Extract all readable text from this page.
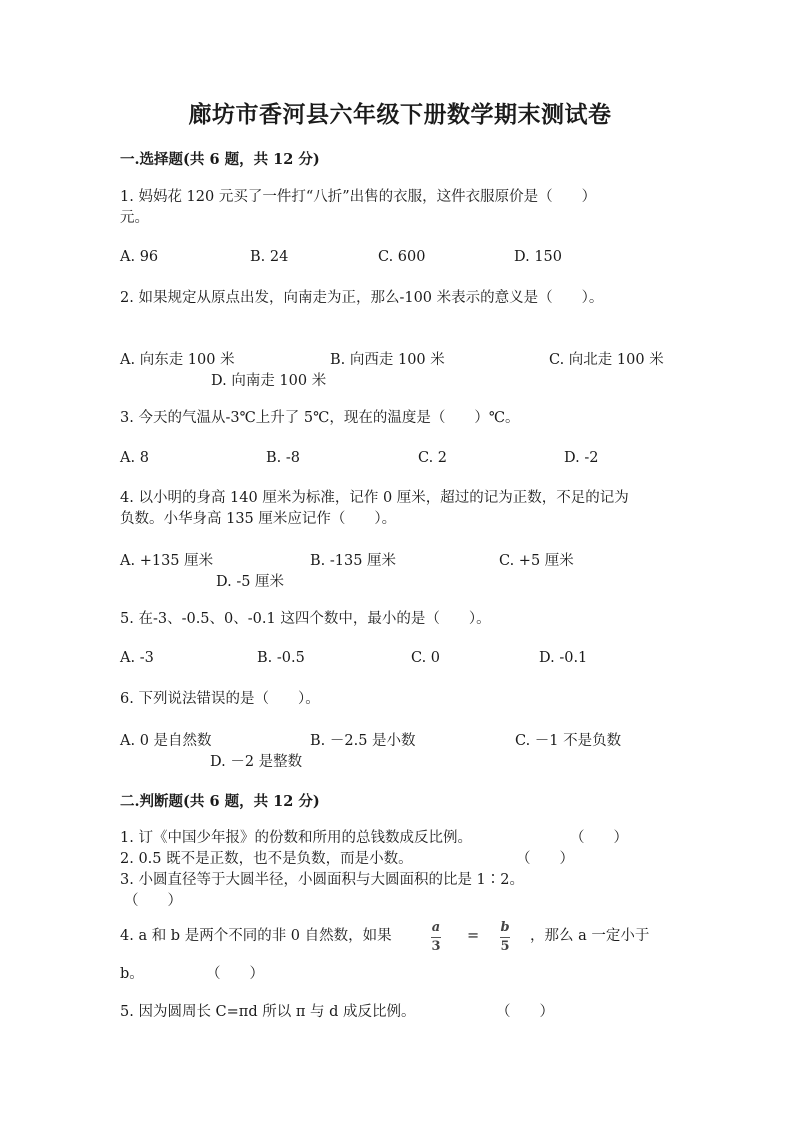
廊坊市香河县六年级下册数学期末测试卷
一.选择题(共 6 题，共 12 分)
1. 妈妈花 120 元买了一件打“八折”出售的衣服，这件衣服原价是（　　）
元。
A. 96	B. 24	C. 600	D. 150
2. 如果规定从原点出发，向南走为正，那么-100 米表示的意义是（　　）。
A. 向东走 100 米	B. 向西走 100 米	C. 向北走 100 米
D. 向南走 100 米
3. 今天的气温从-3℃上升了 5℃，现在的温度是（　　）℃。
A. 8	B. -8	C. 2	D. -2
4. 以小明的身高 140 厘米为标准，记作 0 厘米，超过的记为正数，不足的记为
负数。小华身高 135 厘米应记作（　　）。
A. +135 厘米	B. -135 厘米	C. +5 厘米
D. -5 厘米
5. 在-3、-0.5、0、-0.1 这四个数中，最小的是（　　）。
A. -3	B. -0.5	C. 0	D. -0.1
6. 下列说法错误的是（　　）。
A. 0 是自然数	B. －2.5 是小数	C. －1 不是负数
D. －2 是整数
二.判断题(共 6 题，共 12 分)
1. 订《中国少年报》的份数和所用的总钱数成反比例。	（　　）
2. 0.5 既不是正数，也不是负数，而是小数。	（　　）
3. 小圆直径等于大圆半径，小圆面积与大圆面积的比是 1∶2。
（　　）
4. a 和 b 是两个不同的非 0 自然数，如果
a
3
=
b
5
，那么 a 一定小于
b。	（　　）
5. 因为圆周长 C=πd 所以 π 与 d 成反比例。	（　　）
